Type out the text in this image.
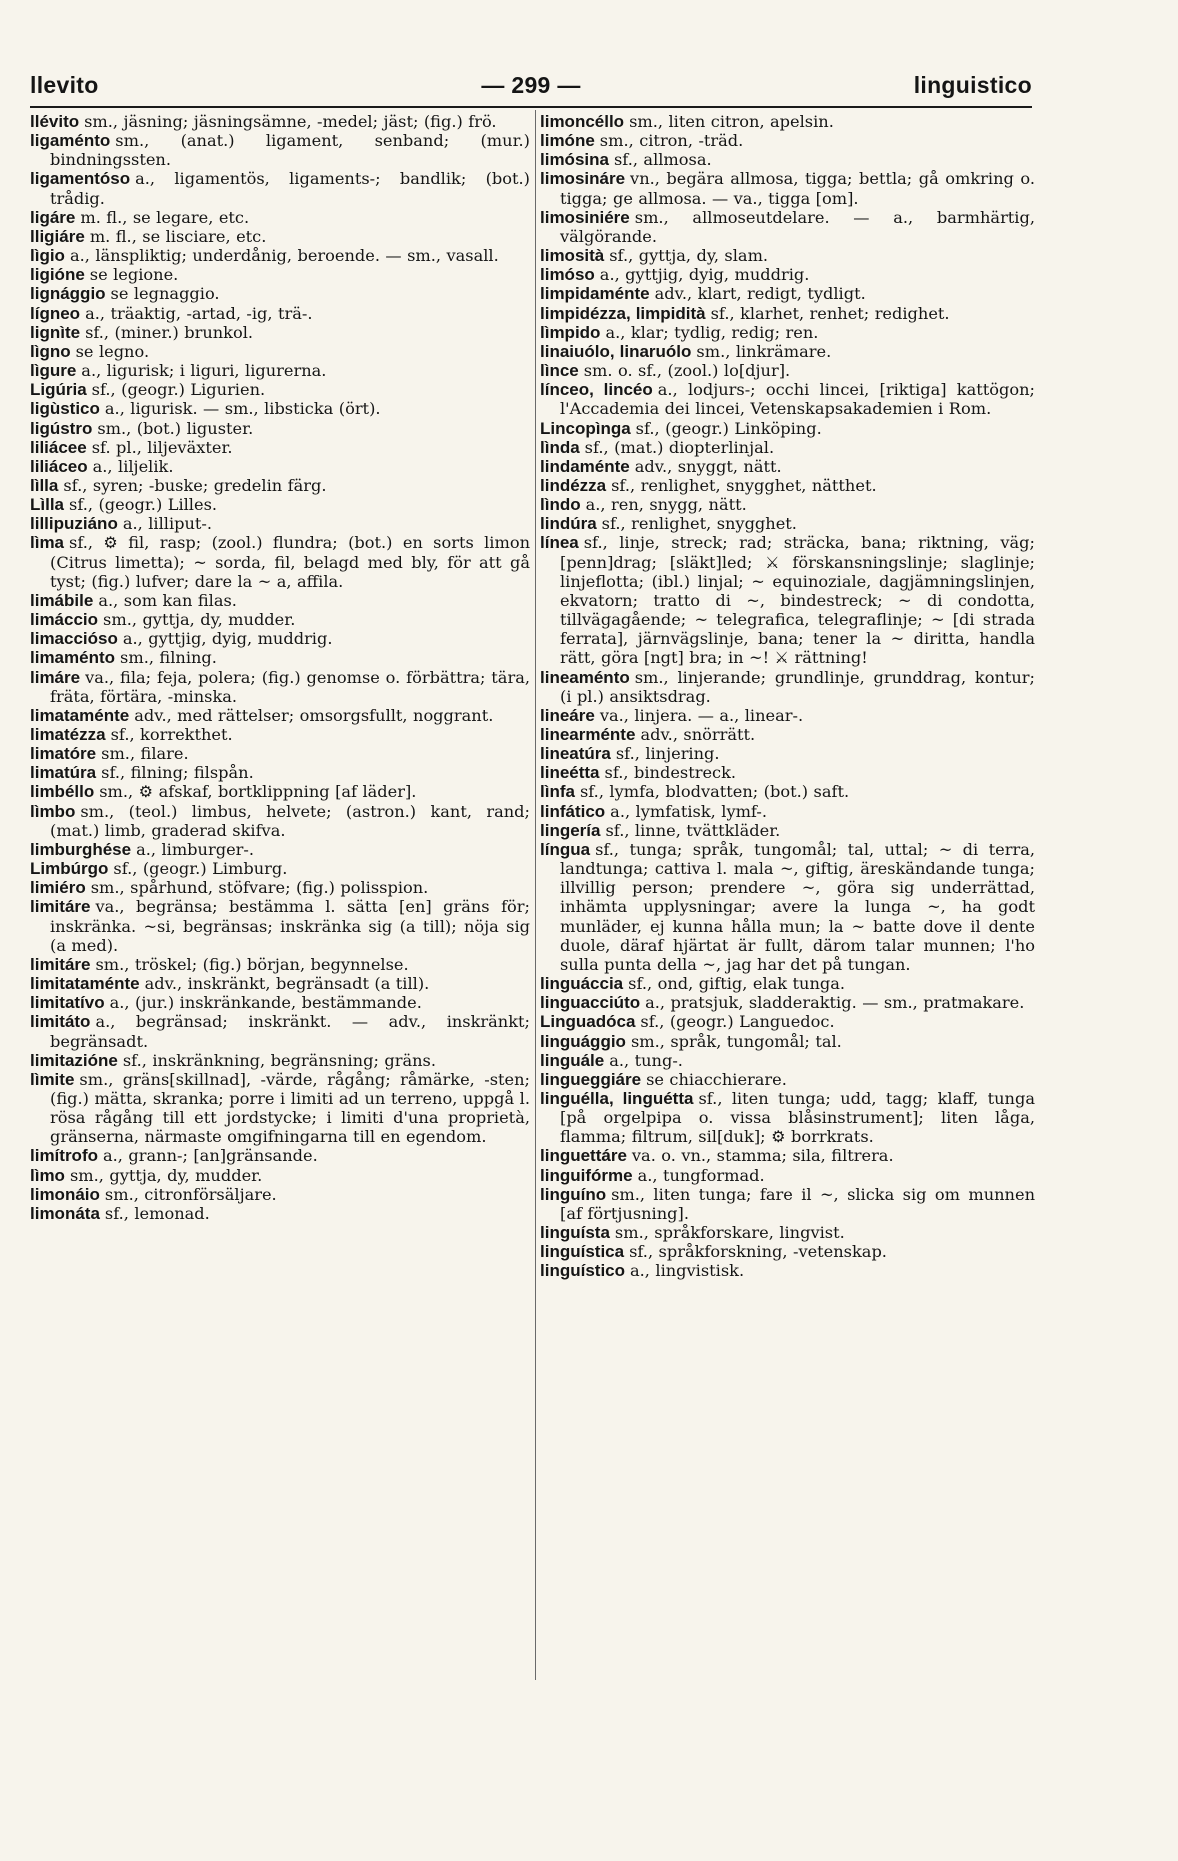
llevito	— 299 —	linguistico

llévito sm., jäsning; jäsningsämne, -medel; jäst; (fig.) frö.

ligaménto sm., (anat.) ligament, senband; (mur.) bindningssten.

ligamentóso a., ligamentös, ligaments-; bandlik; (bot.) trådig.

ligáre m. fl., se legare, etc.

lligiáre m. fl., se lisciare, etc.

lìgio a., länspliktig; underdånig, beroende. — sm., vasall.

ligióne se legione.

lignággio se legnaggio.

lígneo a., träaktig, -artad, -ig, trä-.

lignìte sf., (miner.) brunkol.

lìgno se legno.

lìgure a., ligurisk; i liguri, ligurerna.

Ligúria sf., (geogr.) Ligurien.

ligùstico a., ligurisk. — sm., libsticka (ört).

ligústro sm., (bot.) liguster.

liliácee sf. pl., liljeväxter.

liliáceo a., liljelik.

lìlla sf., syren; -buske; gredelin färg.

Lìlla sf., (geogr.) Lilles.

lillipuziáno a., lilliput-.

lìma sf., ⚙ fil, rasp; (zool.) flundra; (bot.) en sorts limon (Citrus limetta); ~ sorda, fil, belagd med bly, för att gå tyst; (fig.) lufver; dare la ~ a, affila.

limábile a., som kan filas.

limáccio sm., gyttja, dy, mudder.

limaccióso a., gyttjig, dyig, muddrig.

limaménto sm., filning.

limáre va., fila; feja, polera; (fig.) genomse o. förbättra; tära, fräta, förtära, -minska.

limataménte adv., med rättelser; omsorgsfullt, noggrant.

limatézza sf., korrekthet.

limatóre sm., filare.

limatúra sf., filning; filspån.

limbéllo sm., ⚙ afskaf, bortklippning [af läder].

lìmbo sm., (teol.) limbus, helvete; (astron.) kant, rand; (mat.) limb, graderad skifva.

limburghése a., limburger-.

Limbúrgo sf., (geogr.) Limburg.

limiéro sm., spårhund, stöfvare; (fig.) polisspion.

limitáre va., begränsa; bestämma l. sätta [en] gräns för; inskränka. ~si, begränsas; inskränka sig (a till); nöja sig (a med).

limitáre sm., tröskel; (fig.) början, begynnelse.

limitataménte adv., inskränkt, begränsadt (a till).

limitatívo a., (jur.) inskränkande, bestämmande.

limitáto a., begränsad; inskränkt. — adv., inskränkt; begränsadt.

limitazióne sf., inskränkning, begränsning; gräns.

lìmite sm., gräns[skillnad], -värde, rågång; råmärke, -sten; (fig.) mätta, skranka; porre i limiti ad un terreno, uppgå l. rösa rågång till ett jordstycke; i limiti d'una proprietà, gränserna, närmaste omgifningarna till en egendom.

limítrofo a., grann-; [an]gränsande.

lìmo sm., gyttja, dy, mudder.

limonáio sm., citronförsäljare.

limonáta sf., lemonad.

limoncéllo sm., liten citron, apelsin.

limóne sm., citron, -träd.

limósina sf., allmosa.

limosináre vn., begära allmosa, tigga; bettla; gå omkring o. tigga; ge allmosa. — va., tigga [om].

limosiniére sm., allmoseutdelare. — a., barmhärtig, välgörande.

limosità sf., gyttja, dy, slam.

limóso a., gyttjig, dyig, muddrig.

limpidaménte adv., klart, redigt, tydligt.

limpidézza, limpidità sf., klarhet, renhet; redighet.

lìmpido a., klar; tydlig, redig; ren.

linaiuólo, linaruólo sm., linkrämare.

lìnce sm. o. sf., (zool.) lo[djur].

línceo, lincéo a., lodjurs-; occhi lincei, [riktiga] kattögon; l'Accademia dei lincei, Vetenskapsakademien i Rom.

Lincopìnga sf., (geogr.) Linköping.

lìnda sf., (mat.) diopterlinjal.

lindaménte adv., snyggt, nätt.

lindézza sf., renlighet, snygghet, nätthet.

lìndo a., ren, snygg, nätt.

lindúra sf., renlighet, snygghet.

línea sf., linje, streck; rad; sträcka, bana; riktning, väg; [penn]drag; [släkt]led; ⚔ förskansningslinje; slaglinje; linjeflotta; (ibl.) linjal; ~ equinoziale, dagjämningslinjen, ekvatorn; tratto di ~, bindestreck; ~ di condotta, tillvägagående; ~ telegrafica, telegraflinje; ~ [di strada ferrata], järnvägslinje, bana; tener la ~ diritta, handla rätt, göra [ngt] bra; in ~! ⚔ rättning!

lineaménto sm., linjerande; grundlinje, grunddrag, kontur; (i pl.) ansiktsdrag.

lineáre va., linjera. — a., linear-.

linearménte adv., snörrätt.

lineatúra sf., linjering.

lineétta sf., bindestreck.

lìnfa sf., lymfa, blodvatten; (bot.) saft.

linfático a., lymfatisk, lymf-.

lingería sf., linne, tvättkläder.

língua sf., tunga; språk, tungomål; tal, uttal; ~ di terra, landtunga; cattiva l. mala ~, giftig, äreskändande tunga; illvillig person; prendere ~, göra sig underrättad, inhämta upplysningar; avere la lunga ~, ha godt munläder, ej kunna hålla mun; la ~ batte dove il dente duole, däraf hjärtat är fullt, därom talar munnen; l'ho sulla punta della ~, jag har det på tungan.

linguáccia sf., ond, giftig, elak tunga.

linguacciúto a., pratsjuk, sladderaktig. — sm., pratmakare.

Linguadóca sf., (geogr.) Languedoc.

linguággio sm., språk, tungomål; tal.

linguále a., tung-.

lingueggiáre se chiacchierare.

linguélla, linguétta sf., liten tunga; udd, tagg; klaff, tunga [på orgelpipa o. vissa blåsinstrument]; liten låga, flamma; filtrum, sil[duk]; ⚙ borrkrats.

linguettáre va. o. vn., stamma; sila, filtrera.

linguifórme a., tungformad.

linguíno sm., liten tunga; fare il ~, slicka sig om munnen [af förtjusning].

linguísta sm., språkforskare, lingvist.

linguística sf., språkforskning, -vetenskap.

linguístico a., lingvistisk.
